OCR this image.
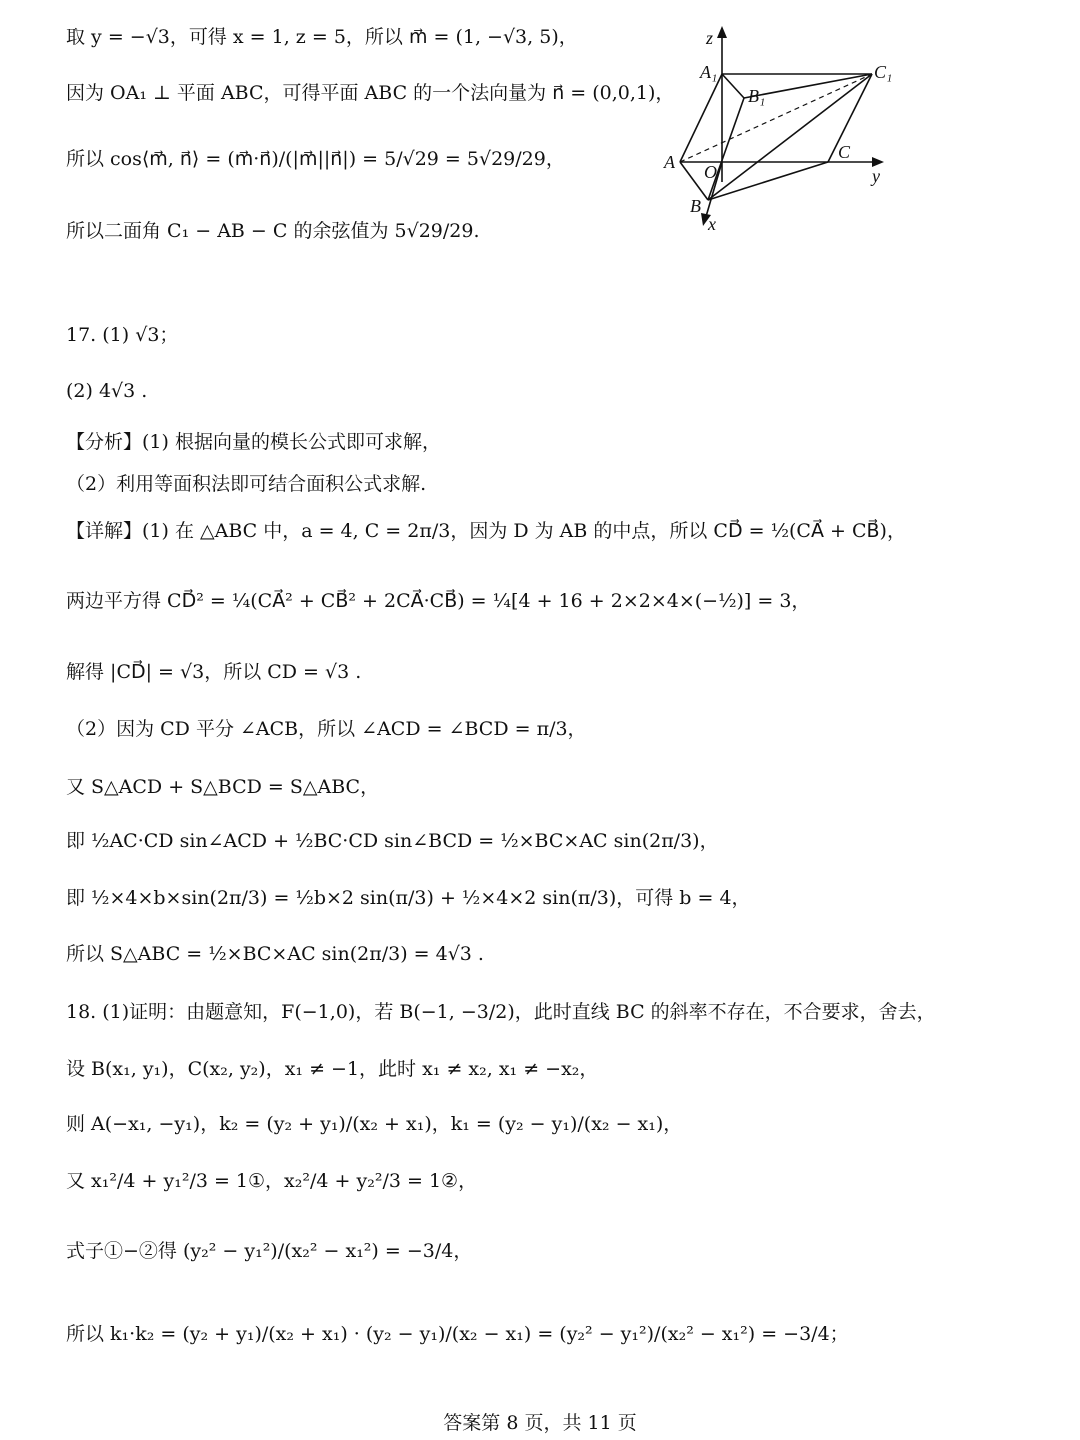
取 y = −√3，可得 x = 1, z = 5，所以 m⃗ = (1, −√3, 5)，
因为 OA₁ ⊥ 平面 ABC，可得平面 ABC 的一个法向量为 n⃗ = (0,0,1)，
所以 cos⟨m⃗, n⃗⟩ = (m⃗·n⃗)/(|m⃗||n⃗|) = 5/√29 = 5√29/29，
所以二面角 C₁ − AB − C 的余弦值为 5√29/29.
17. (1) √3；
(2) 4√3 .
【分析】(1) 根据向量的模长公式即可求解，
（2）利用等面积法即可结合面积公式求解.
【详解】(1) 在 △ABC 中，a = 4, C = 2π/3，因为 D 为 AB 的中点，所以 CD⃗ = ½(CA⃗ + CB⃗)，
两边平方得 CD⃗² = ¼(CA⃗² + CB⃗² + 2CA⃗·CB⃗) = ¼[4 + 16 + 2×2×4×(−½)] = 3，
解得 |CD⃗| = √3，所以 CD = √3 .
（2）因为 CD 平分 ∠ACB，所以 ∠ACD = ∠BCD = π/3，
又 S△ACD + S△BCD = S△ABC，
即 ½AC·CD sin∠ACD + ½BC·CD sin∠BCD = ½×BC×AC sin(2π/3)，
即 ½×4×b×sin(2π/3) = ½b×2 sin(π/3) + ½×4×2 sin(π/3)，可得 b = 4，
所以 S△ABC = ½×BC×AC sin(2π/3) = 4√3 .
18. (1)证明：由题意知，F(−1,0)，若 B(−1, −3/2)，此时直线 BC 的斜率不存在，不合要求，舍去，
设 B(x₁, y₁)，C(x₂, y₂)，x₁ ≠ −1，此时 x₁ ≠ x₂, x₁ ≠ −x₂，
则 A(−x₁, −y₁)，k₂ = (y₂ + y₁)/(x₂ + x₁)，k₁ = (y₂ − y₁)/(x₂ − x₁)，
又 x₁²/4 + y₁²/3 = 1①，x₂²/4 + y₂²/3 = 1②，
式子①−②得 (y₂² − y₁²)/(x₂² − x₁²) = −3/4，
所以 k₁·k₂ = (y₂ + y₁)/(x₂ + x₁) · (y₂ − y₁)/(x₂ − x₁) = (y₂² − y₁²)/(x₂² − x₁²) = −3/4；
z
y
x
A₁
B₁
C₁
A O
B
C
答案第 8 页，共 11 页
